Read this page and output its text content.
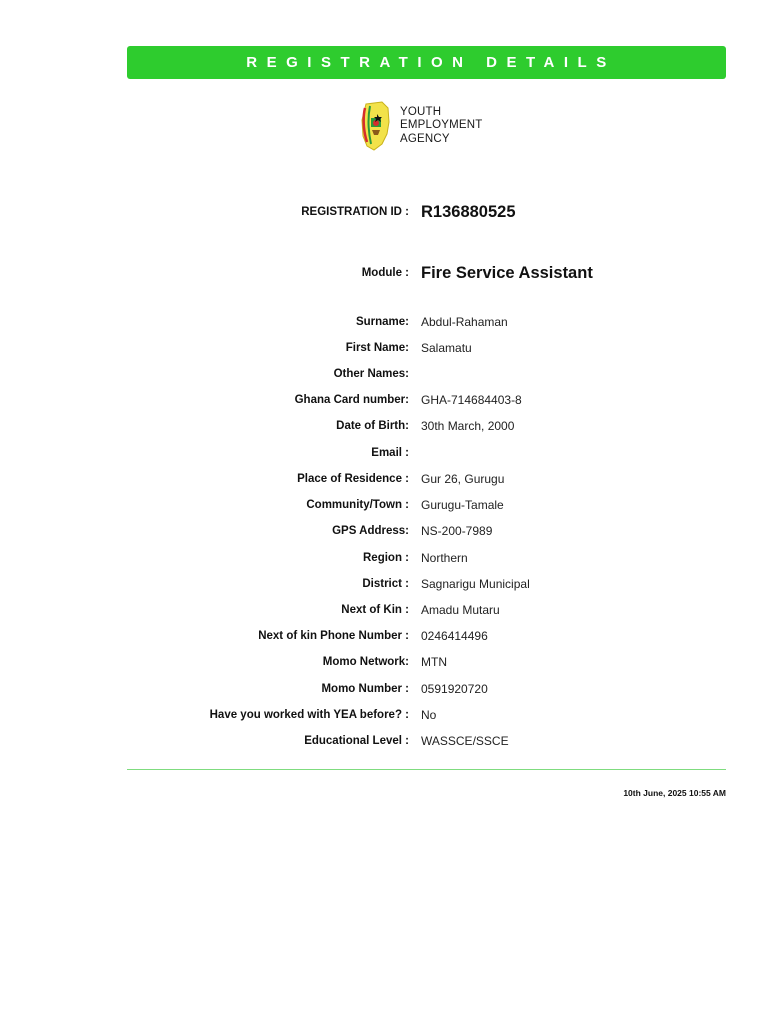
REGISTRATION DETAILS
YOUTH
EMPLOYMENT
AGENCY
REGISTRATION ID : R136880525
Module : Fire Service Assistant
Surname: Abdul-Rahaman
First Name: Salamatu
Other Names:
Ghana Card number: GHA-714684403-8
Date of Birth: 30th March, 2000
Email :
Place of Residence : Gur 26, Gurugu
Community/Town : Gurugu-Tamale
GPS Address: NS-200-7989
Region : Northern
District : Sagnarigu Municipal
Next of Kin : Amadu Mutaru
Next of kin Phone Number : 0246414496
Momo Network: MTN
Momo Number : 0591920720
Have you worked with YEA before? : No
Educational Level : WASSCE/SSCE
10th June, 2025 10:55 AM
